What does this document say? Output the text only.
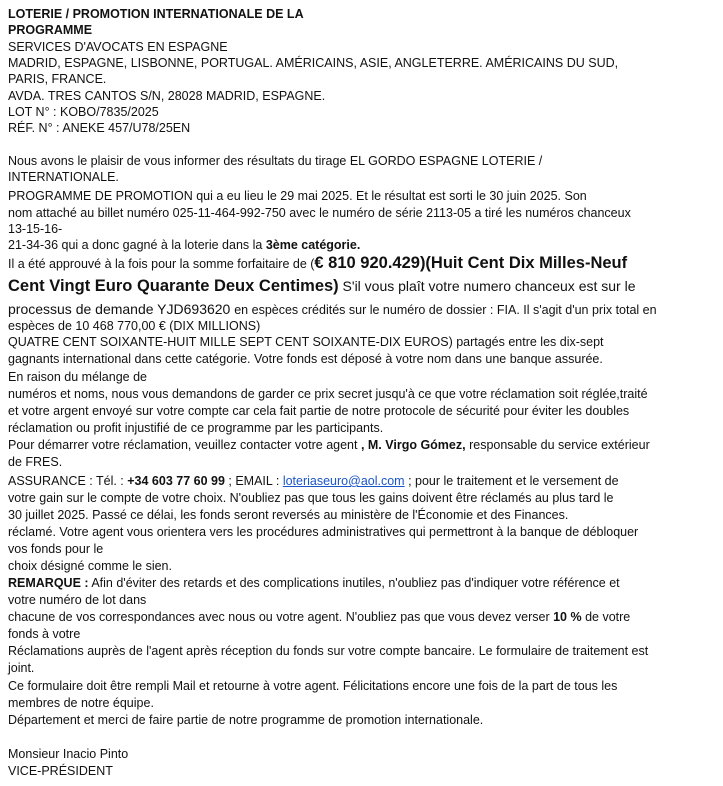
LOTERIE / PROMOTION INTERNATIONALE DE LA
PROGRAMME
SERVICES D'AVOCATS EN ESPAGNE
MADRID, ESPAGNE, LISBONNE, PORTUGAL. AMÉRICAINS, ASIE, ANGLETERRE. AMÉRICAINS DU SUD,
PARIS, FRANCE.
AVDA. TRES CANTOS S/N, 28028 MADRID, ESPAGNE.
LOT N° : KOBO/7835/2025
RÉF. N° : ANEKE 457/U78/25EN
Nous avons le plaisir de vous informer des résultats du tirage EL GORDO ESPAGNE LOTERIE /
INTERNATIONALE.
PROGRAMME DE PROMOTION qui a eu lieu le 29 mai 2025. Et le résultat est sorti le 30 juin 2025. Son
nom attaché au billet numéro 025-11-464-992-750 avec le numéro de série 2113-05 a tiré les numéros chanceux
13-15-16-
21-34-36 qui a donc gagné à la loterie dans la 3ème catégorie.
Il a été approuvé à la fois pour la somme forfaitaire de (€ 810 920.429)(Huit Cent Dix Milles-Neuf
Cent Vingt Euro Quarante Deux Centimes) S'il vous plaît votre numero chanceux est sur le
processus de demande YJD693620 en espèces crédités sur le numéro de dossier : FIA. Il s'agit d'un prix total en
espèces de 10 468 770,00 € (DIX MILLIONS)
QUATRE CENT SOIXANTE-HUIT MILLE SEPT CENT SOIXANTE-DIX EUROS) partagés entre les dix-sept
gagnants international dans cette catégorie. Votre fonds est déposé à votre nom dans une banque assurée.
En raison du mélange de
numéros et noms, nous vous demandons de garder ce prix secret jusqu'à ce que votre réclamation soit réglée,traité
et votre argent envoyé sur votre compte car cela fait partie de notre protocole de sécurité pour éviter les doubles
réclamation ou profit injustifié de ce programme par les participants.
Pour démarrer votre réclamation, veuillez contacter votre agent , M. Virgo Gómez, responsable du service extérieur
de FRES.
ASSURANCE : Tél. : +34 603 77 60 99 ; EMAIL : loteriaseuro@aol.com ; pour le traitement et le versement de
votre gain sur le compte de votre choix. N'oubliez pas que tous les gains doivent être réclamés au plus tard le
30 juillet 2025. Passé ce délai, les fonds seront reversés au ministère de l'Économie et des Finances.
réclamé. Votre agent vous orientera vers les procédures administratives qui permettront à la banque de débloquer
vos fonds pour le
choix désigné comme le sien.
REMARQUE : Afin d'éviter des retards et des complications inutiles, n'oubliez pas d'indiquer votre référence et
votre numéro de lot dans
chacune de vos correspondances avec nous ou votre agent. N'oubliez pas que vous devez verser 10 % de votre
fonds à votre
Réclamations auprès de l'agent après réception du fonds sur votre compte bancaire. Le formulaire de traitement est
joint.
Ce formulaire doit être rempli Mail et retourne à votre agent. Félicitations encore une fois de la part de tous les
membres de notre équipe.
Département et merci de faire partie de notre programme de promotion internationale.
Monsieur Inacio Pinto
VICE-PRÉSIDENT
